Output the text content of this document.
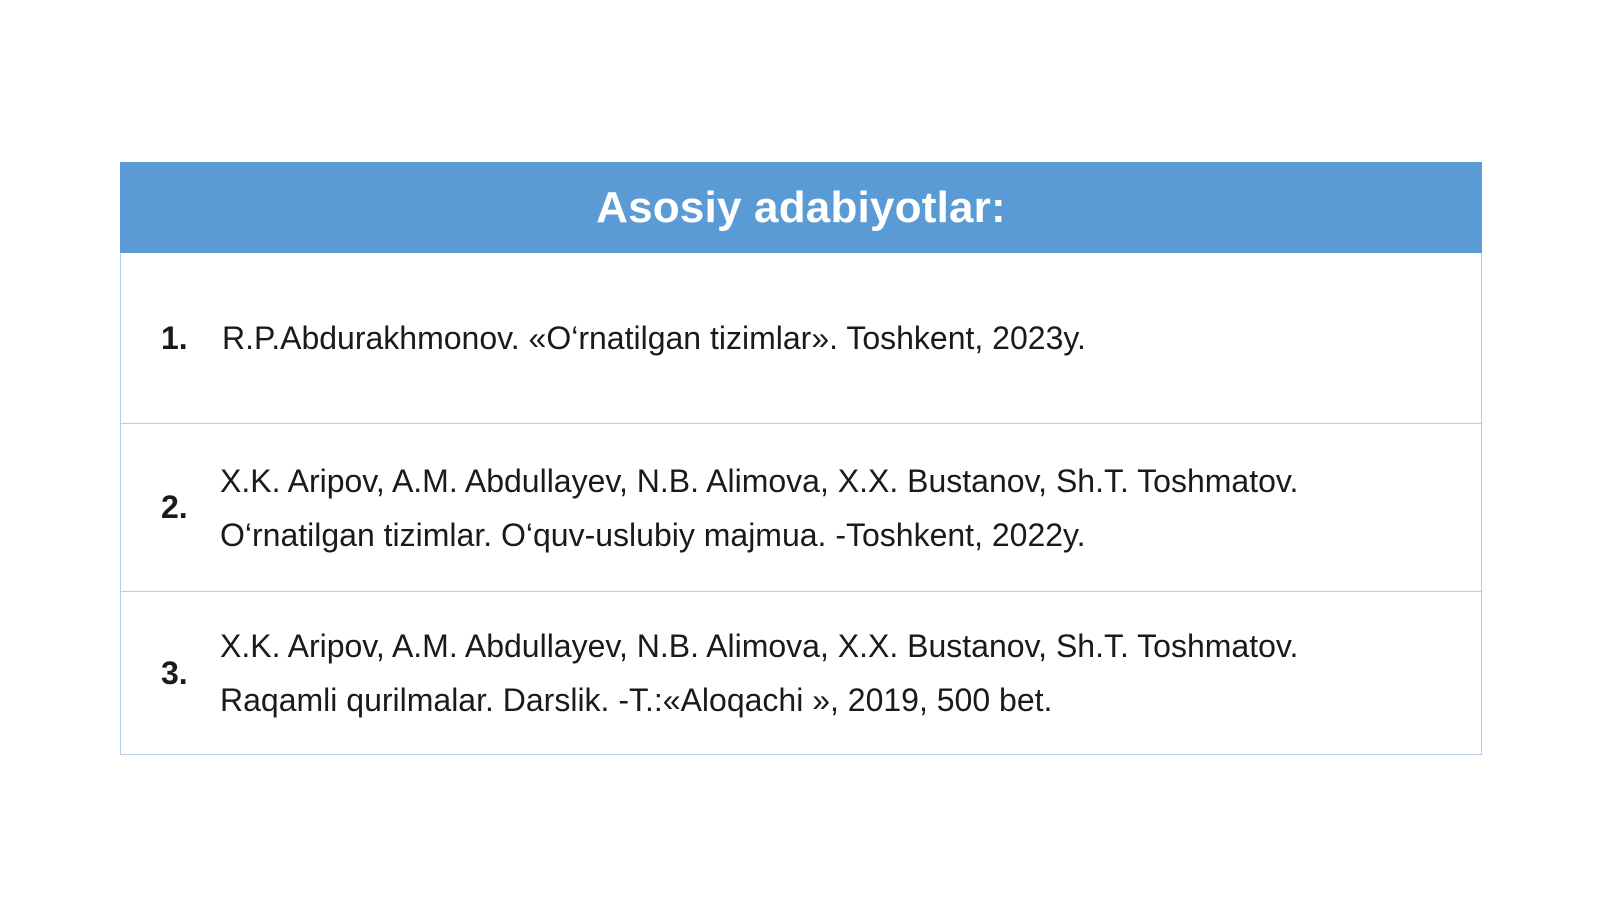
Asosiy adabiyotlar:
1.	R.P.Abdurakhmonov. «O‘rnatilgan tizimlar». Toshkent, 2023y.
2.
X.K. Aripov, A.M. Abdullayev, N.B. Alimova, X.X. Bustanov, Sh.T. Toshmatov.
O‘rnatilgan tizimlar. O‘quv-uslubiy majmua. -Toshkent, 2022y.
3.
X.K. Aripov, A.M. Abdullayev, N.B. Alimova, X.X. Bustanov, Sh.T. Toshmatov.
Raqamli qurilmalar. Darslik. -T.:«Aloqachi », 2019, 500 bet.
